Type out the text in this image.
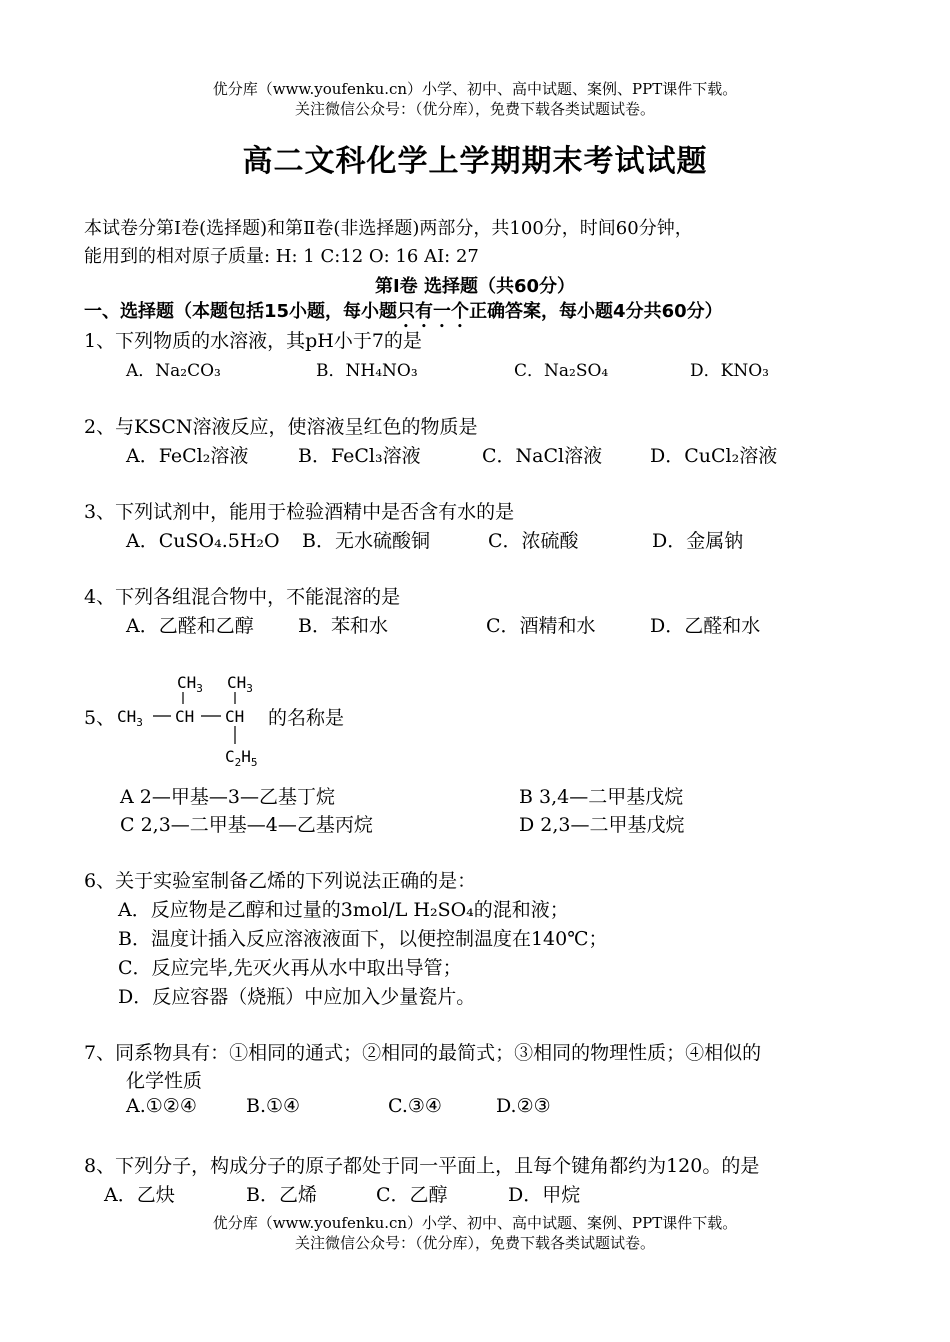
优分库（www.youfenku.cn）小学、初中、高中试题、案例、PPT课件下载。
关注微信公众号：（优分库），免费下载各类试题试卷。
高二文科化学上学期期末考试试题
本试卷分第Ⅰ卷(选择题)和第Ⅱ卷(非选择题)两部分，共100分，时间60分钟，
能用到的相对原子质量: H: 1 C:12 O: 16 AI: 27
第Ⅰ卷 选择题（共60分）
一、选择题（本题包括15小题，每小题只有一个正确答案，每小题4分共60分）
1、下列物质的水溶液，其pH小于7的是
A．Na₂CO₃	B．NH₄NO₃	C．Na₂SO₄	D．KNO₃
2、与KSCN溶液反应，使溶液呈红色的物质是
A．FeCl₂溶液	B．FeCl₃溶液	C．NaCl溶液	D．CuCl₂溶液
3、下列试剂中，能用于检验酒精中是否含有水的是
A．CuSO₄.5H₂O B．无水硫酸铜	C．浓硫酸	D．金属钠
4、下列各组混合物中，不能混溶的是
A．乙醛和乙醇 B．苯和水	C．酒精和水	D．乙醛和水
5、
$CH_3$ $CH_3$
$CH_3$ CH CH
$C_2H_5$
的名称是
A 2—甲基—3—乙基丁烷	B 3,4—二甲基戊烷
C 2,3—二甲基—4—乙基丙烷	D 2,3—二甲基戊烷
6、关于实验室制备乙烯的下列说法正确的是：
A．反应物是乙醇和过量的3mol/L H₂SO₄的混和液；
B．温度计插入反应溶液液面下，以便控制温度在140℃；
C．反应完毕,先灭火再从水中取出导管；
D．反应容器（烧瓶）中应加入少量瓷片。
7、同系物具有：①相同的通式；②相同的最简式；③相同的物理性质；④相似的
化学性质
A.①②④	B.①④	C.③④	D.②③
8、下列分子，构成分子的原子都处于同一平面上，且每个键角都约为120。的是
A．乙炔	B．乙烯	C．乙醇	D．甲烷
优分库（www.youfenku.cn）小学、初中、高中试题、案例、PPT课件下载。
关注微信公众号：（优分库），免费下载各类试题试卷。
